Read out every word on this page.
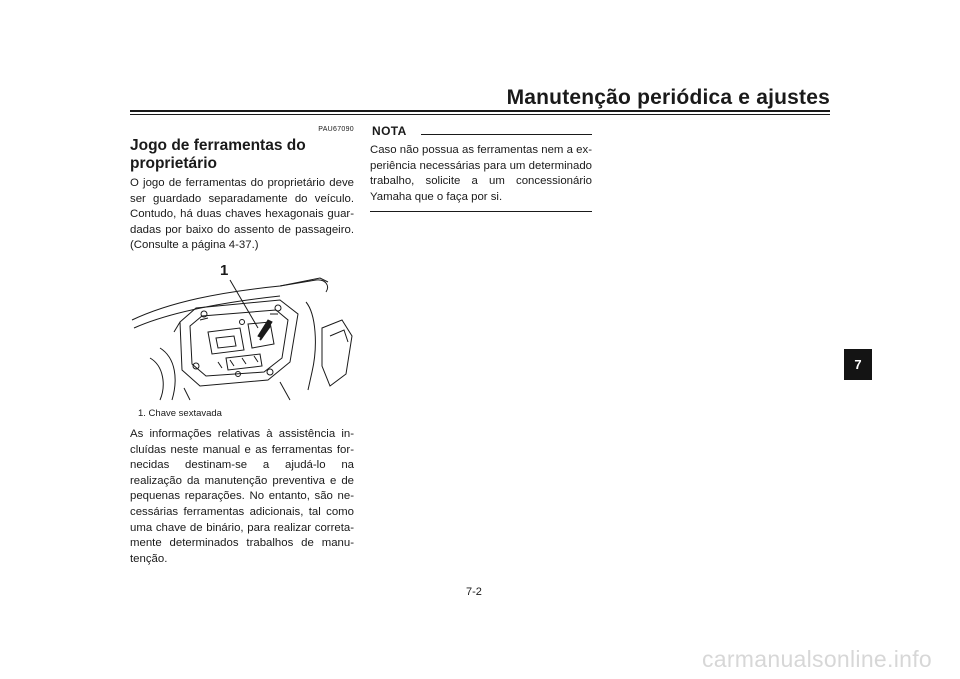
Manutenção periódica e ajustes
PAU67090
Jogo de ferramentas do proprietário

O jogo de ferramentas do proprietário deve ser guardado separadamente do veículo. Contudo, há duas chaves hexagonais guardadas por baixo do assento de passageiro. (Consulte a página 4-37.)

1
1. Chave sextavada

As informações relativas à assistência incluídas neste manual e as ferramentas fornecidas destinam-se a ajudá-lo na realização da manutenção preventiva e de pequenas reparações. No entanto, são necessárias ferramentas adicionais, tal como uma chave de binário, para realizar corretamente determinados trabalhos de manutenção.

NOTA

Caso não possua as ferramentas nem a experiência necessárias para um determinado trabalho, solicite a um concessionário Yamaha que o faça por si.

7
7-2
carmanualsonline.info
